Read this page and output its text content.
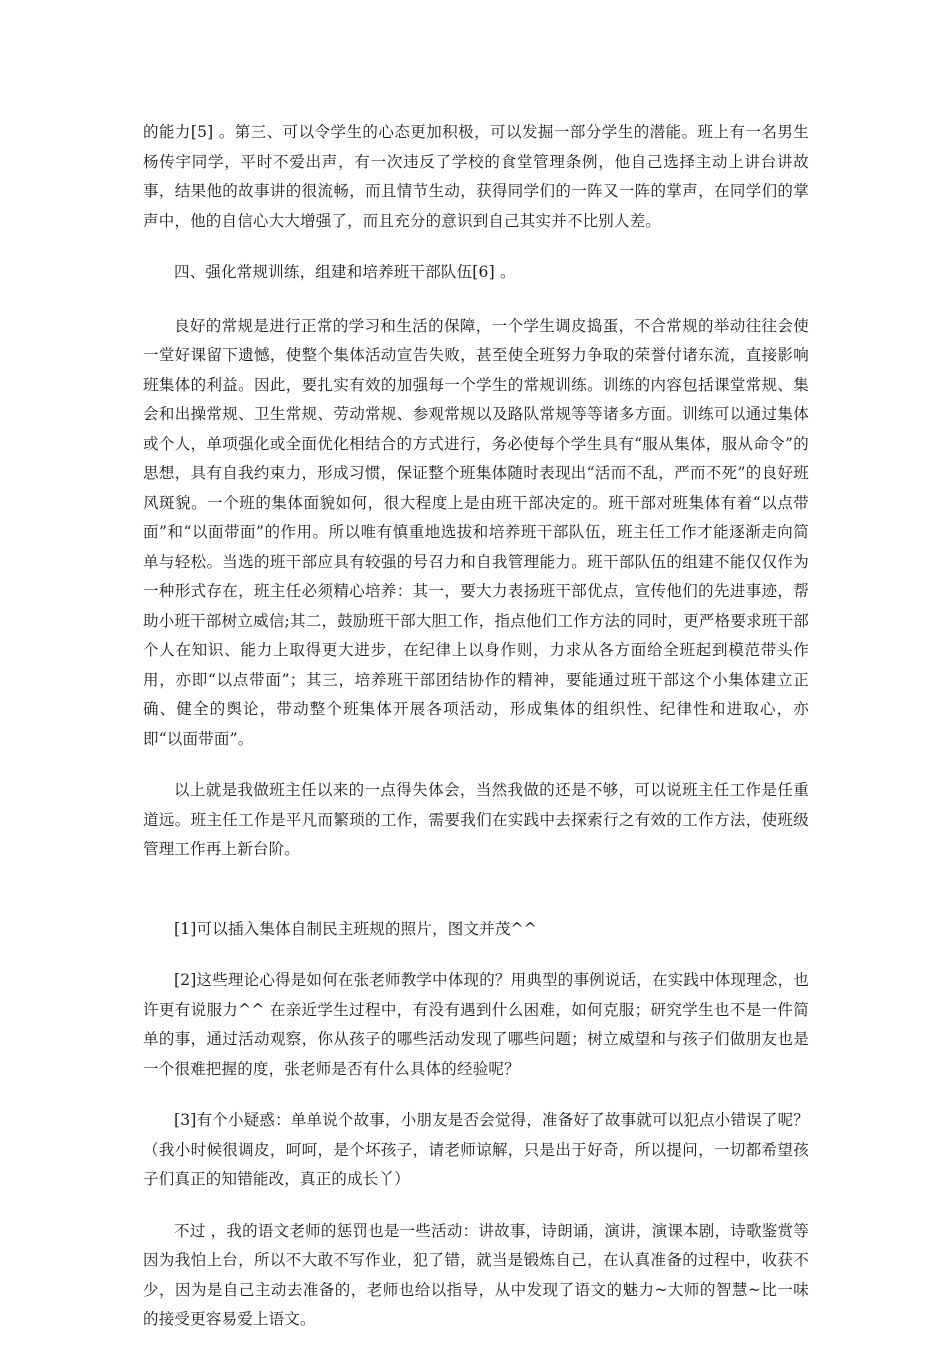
的能力[5] 。第三、可以令学生的心态更加积极，可以发掘一部分学生的潜能。班上有一名男生杨传宇同学，平时不爱出声，有一次违反了学校的食堂管理条例，他自己选择主动上讲台讲故事，结果他的故事讲的很流畅，而且情节生动，获得同学们的一阵又一阵的掌声，在同学们的掌声中，他的自信心大大增强了，而且充分的意识到自己其实并不比别人差。

四、强化常规训练，组建和培养班干部队伍[6] 。

良好的常规是进行正常的学习和生活的保障，一个学生调皮捣蛋，不合常规的举动往往会使一堂好课留下遗憾，使整个集体活动宣告失败，甚至使全班努力争取的荣誉付诸东流，直接影响班集体的利益。因此，要扎实有效的加强每一个学生的常规训练。训练的内容包括课堂常规、集会和出操常规、卫生常规、劳动常规、参观常规以及路队常规等等诸多方面。训练可以通过集体或个人，单项强化或全面优化相结合的方式进行，务必使每个学生具有“服从集体，服从命令”的思想，具有自我约束力，形成习惯，保证整个班集体随时表现出“活而不乱，严而不死”的良好班风斑貌。一个班的集体面貌如何，很大程度上是由班干部决定的。班干部对班集体有着“以点带面”和“以面带面”的作用。所以唯有慎重地选拔和培养班干部队伍，班主任工作才能逐渐走向简单与轻松。当选的班干部应具有较强的号召力和自我管理能力。班干部队伍的组建不能仅仅作为一种形式存在，班主任必须精心培养：其一，要大力表扬班干部优点，宣传他们的先进事迹，帮助小班干部树立威信;其二，鼓励班干部大胆工作，指点他们工作方法的同时，更严格要求班干部个人在知识、能力上取得更大进步，在纪律上以身作则，力求从各方面给全班起到模范带头作用，亦即“以点带面”；其三，培养班干部团结协作的精神，要能通过班干部这个小集体建立正确、健全的舆论，带动整个班集体开展各项活动，形成集体的组织性、纪律性和进取心，亦即“以面带面”。

以上就是我做班主任以来的一点得失体会，当然我做的还是不够，可以说班主任工作是任重道远。班主任工作是平凡而繁琐的工作，需要我们在实践中去探索行之有效的工作方法，使班级管理工作再上新台阶。

[1]可以插入集体自制民主班规的照片，图文并茂^^

[2]这些理论心得是如何在张老师教学中体现的？用典型的事例说话，在实践中体现理念，也许更有说服力^^ 在亲近学生过程中，有没有遇到什么困难，如何克服；研究学生也不是一件简单的事，通过活动观察，你从孩子的哪些活动发现了哪些问题；树立威望和与孩子们做朋友也是一个很难把握的度，张老师是否有什么具体的经验呢？

[3]有个小疑惑：单单说个故事，小朋友是否会觉得，准备好了故事就可以犯点小错误了呢？（我小时候很调皮，呵呵，是个坏孩子，请老师谅解，只是出于好奇，所以提问，一切都希望孩子们真正的知错能改，真正的成长丫）

不过 ，我的语文老师的惩罚也是一些活动：讲故事，诗朗诵，演讲，演课本剧，诗歌鉴赏等因为我怕上台，所以不大敢不写作业，犯了错，就当是锻炼自己，在认真准备的过程中，收获不少，因为是自己主动去准备的，老师也给以指导，从中发现了语文的魅力~大师的智慧~比一味的接受更容易爱上语文。
